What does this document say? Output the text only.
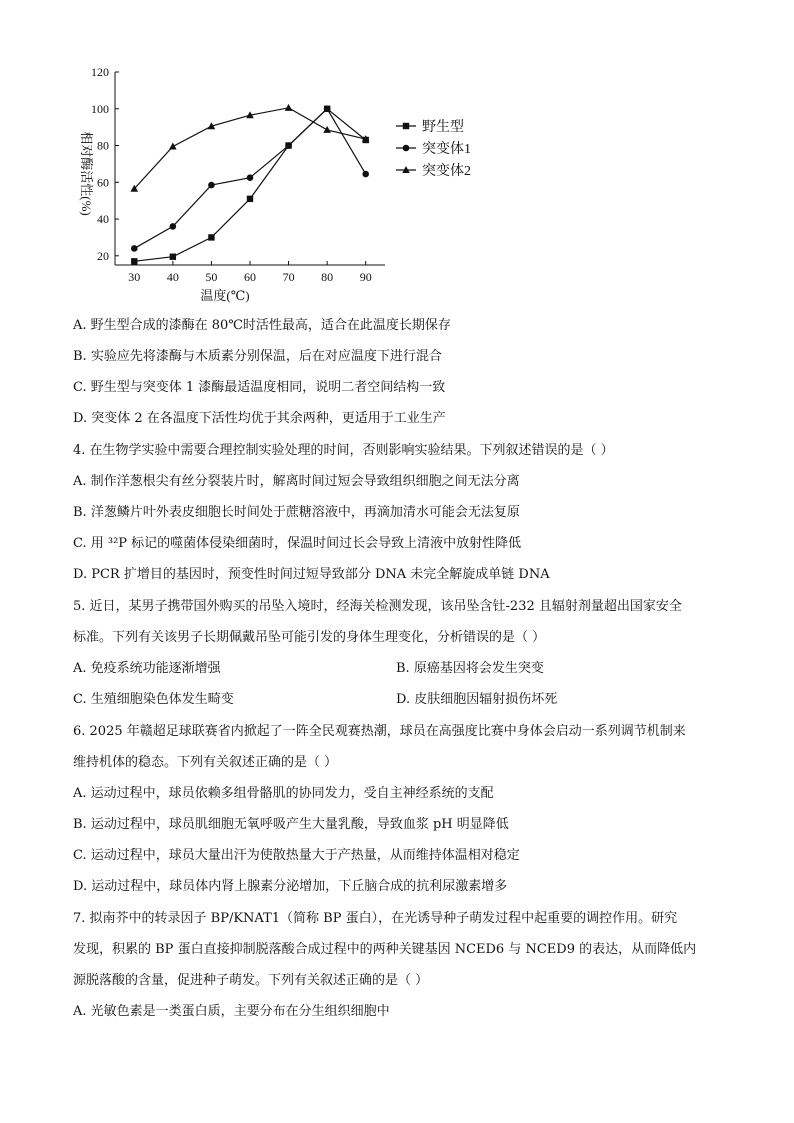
20
40
60
80
100
120
30 40 50 60 70 80 90
温度(℃)
相对酶活性(%)
野生型
突变体1
突变体2
A. 野生型合成的漆酶在 80℃时活性最高，适合在此温度长期保存
B. 实验应先将漆酶与木质素分别保温，后在对应温度下进行混合
C. 野生型与突变体 1 漆酶最适温度相同，说明二者空间结构一致
D. 突变体 2 在各温度下活性均优于其余两种，更适用于工业生产
4. 在生物学实验中需要合理控制实验处理的时间，否则影响实验结果。下列叙述错误的是（ ）
A. 制作洋葱根尖有丝分裂装片时，解离时间过短会导致组织细胞之间无法分离
B. 洋葱鳞片叶外表皮细胞长时间处于蔗糖溶液中，再滴加清水可能会无法复原
C. 用 ³²P 标记的噬菌体侵染细菌时，保温时间过长会导致上清液中放射性降低
D. PCR 扩增目的基因时，预变性时间过短导致部分 DNA 未完全解旋成单链 DNA
5. 近日，某男子携带国外购买的吊坠入境时，经海关检测发现，该吊坠含钍-232 且辐射剂量超出国家安全
标准。下列有关该男子长期佩戴吊坠可能引发的身体生理变化，分析错误的是（ ）
A. 免疫系统功能逐渐增强	B. 原癌基因将会发生突变
C. 生殖细胞染色体发生畸变	D. 皮肤细胞因辐射损伤坏死
6. 2025 年赣超足球联赛省内掀起了一阵全民观赛热潮，球员在高强度比赛中身体会启动一系列调节机制来
维持机体的稳态。下列有关叙述正确的是（ ）
A. 运动过程中，球员依赖多组骨骼肌的协同发力，受自主神经系统的支配
B. 运动过程中，球员肌细胞无氧呼吸产生大量乳酸，导致血浆 pH 明显降低
C. 运动过程中，球员大量出汗为使散热量大于产热量，从而维持体温相对稳定
D. 运动过程中，球员体内肾上腺素分泌增加，下丘脑合成的抗利尿激素增多
7. 拟南芥中的转录因子 BP/KNAT1（简称 BP 蛋白），在光诱导种子萌发过程中起重要的调控作用。研究
发现，积累的 BP 蛋白直接抑制脱落酸合成过程中的两种关键基因 NCED6 与 NCED9 的表达，从而降低内
源脱落酸的含量，促进种子萌发。下列有关叙述正确的是（ ）
A. 光敏色素是一类蛋白质，主要分布在分生组织细胞中
